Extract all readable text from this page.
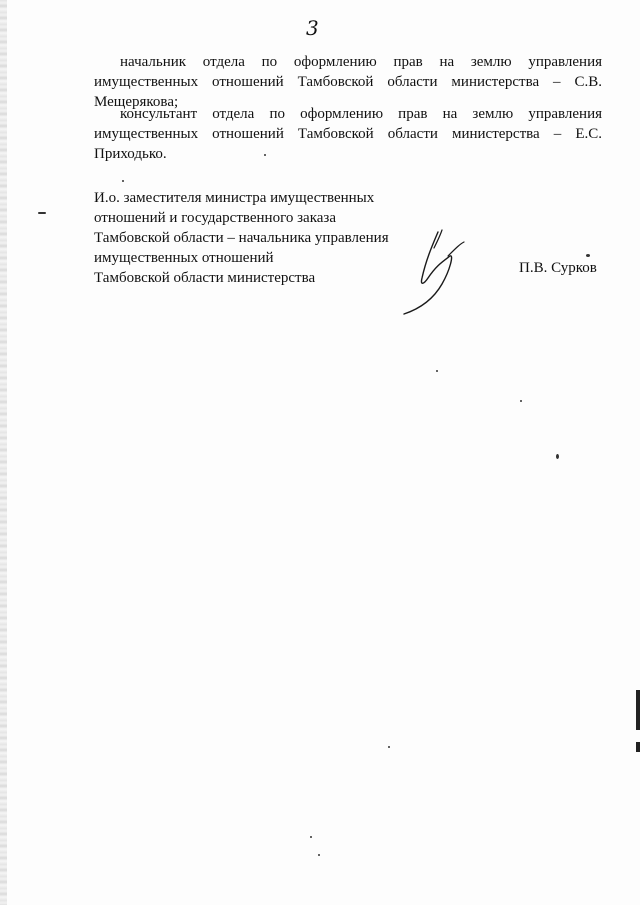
3

начальник отдела по оформлению прав на землю управления имущественных отношений Тамбовской области министерства – С.В. Мещерякова;

консультант отдела по оформлению прав на землю управления имущественных отношений Тамбовской области министерства – Е.С. Приходько.

И.о. заместителя министра имущественных
отношений и государственного заказа
Тамбовской области – начальника управления
имущественных отношений
Тамбовской области министерства
П.В. Сурков
